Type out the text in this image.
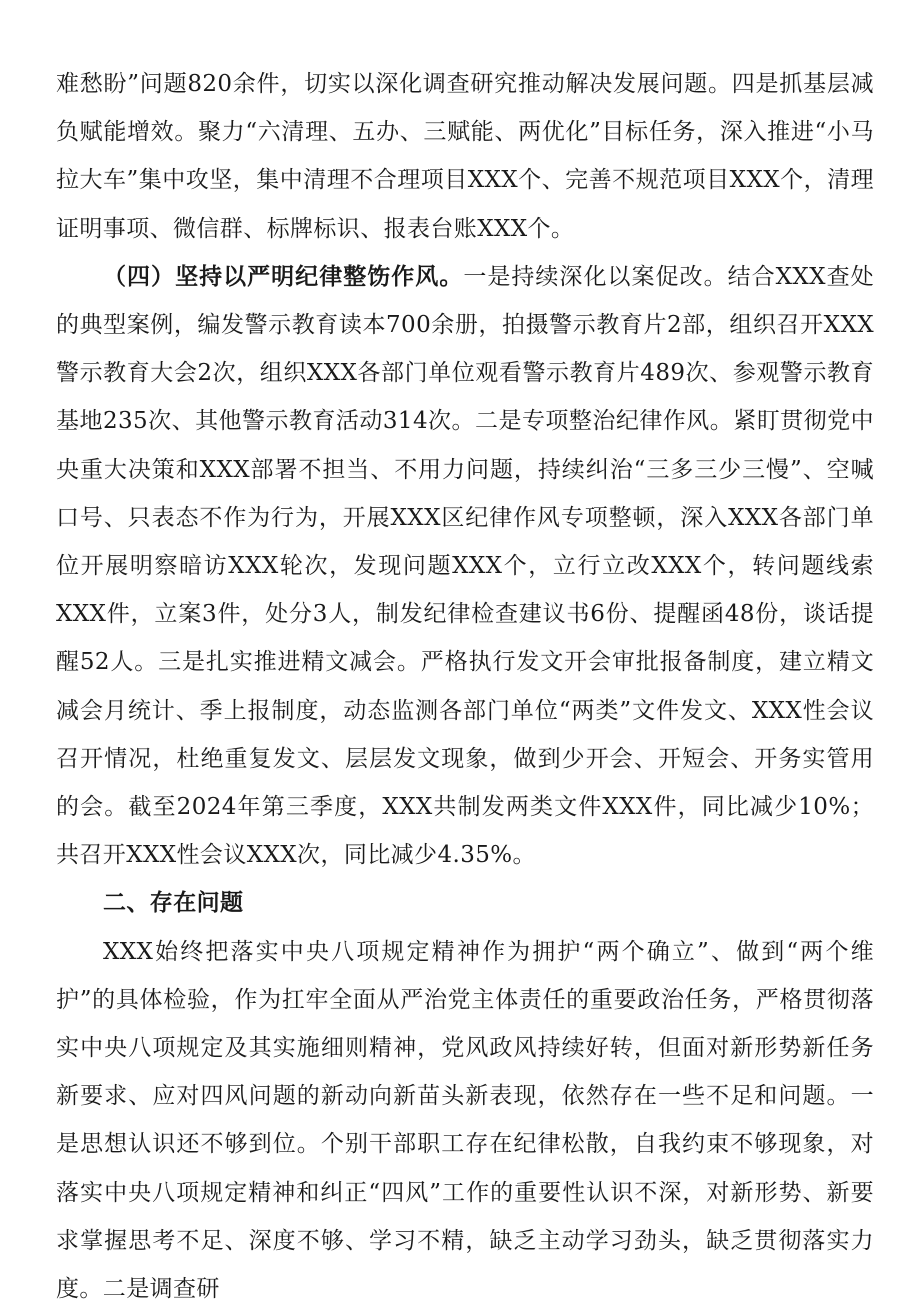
难愁盼”问题820余件，切实以深化调查研究推动解决发展问题。四是抓基层减负赋能增效。聚力“六清理、五办、三赋能、两优化”目标任务，深入推进“小马拉大车”集中攻坚，集中清理不合理项目XXX个、完善不规范项目XXX个，清理证明事项、微信群、标牌标识、报表台账XXX个。

（四）坚持以严明纪律整饬作风。一是持续深化以案促改。结合XXX查处的典型案例，编发警示教育读本700余册，拍摄警示教育片2部，组织召开XXX警示教育大会2次，组织XXX各部门单位观看警示教育片489次、参观警示教育基地235次、其他警示教育活动314次。二是专项整治纪律作风。紧盯贯彻党中央重大决策和XXX部署不担当、不用力问题，持续纠治“三多三少三慢”、空喊口号、只表态不作为行为，开展XXX区纪律作风专项整顿，深入XXX各部门单位开展明察暗访XXX轮次，发现问题XXX个，立行立改XXX个，转问题线索XXX件，立案3件，处分3人，制发纪律检查建议书6份、提醒函48份，谈话提醒52人。三是扎实推进精文减会。严格执行发文开会审批报备制度，建立精文减会月统计、季上报制度，动态监测各部门单位“两类”文件发文、XXX性会议召开情况，杜绝重复发文、层层发文现象，做到少开会、开短会、开务实管用的会。截至2024年第三季度，XXX共制发两类文件XXX件，同比减少10%；共召开XXX性会议XXX次，同比减少4.35%。

二、存在问题

XXX始终把落实中央八项规定精神作为拥护“两个确立”、做到“两个维护”的具体检验，作为扛牢全面从严治党主体责任的重要政治任务，严格贯彻落实中央八项规定及其实施细则精神，党风政风持续好转，但面对新形势新任务新要求、应对四风问题的新动向新苗头新表现，依然存在一些不足和问题。一是思想认识还不够到位。个别干部职工存在纪律松散，自我约束不够现象，对落实中央八项规定精神和纠正“四风”工作的重要性认识不深，对新形势、新要求掌握思考不足、深度不够、学习不精，缺乏主动学习劲头，缺乏贯彻落实力度。二是调查研
